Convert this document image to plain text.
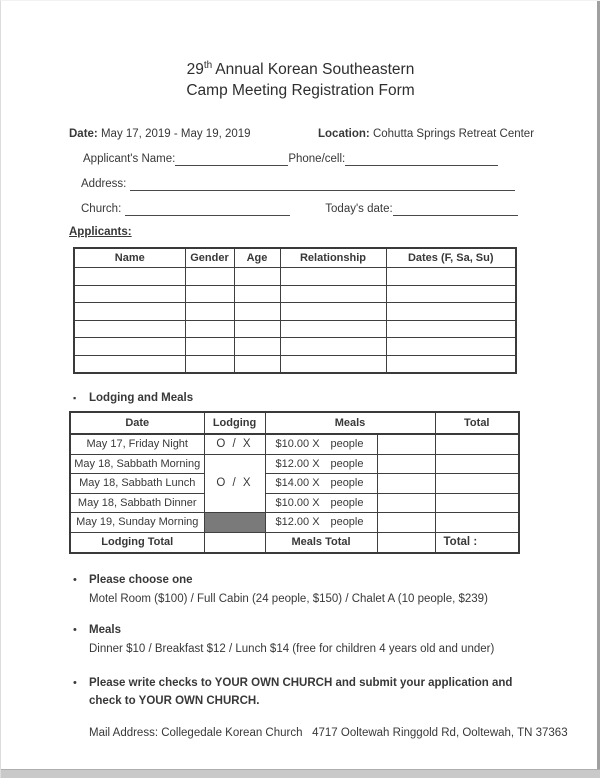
29th Annual Korean Southeastern
Camp Meeting Registration Form
Date: May 17, 2019 - May 19, 2019	Location: Cohutta Springs Retreat Center
Applicant's Name:	Phone/cell:
Address:
Church:	Today's date:
Applicants:
Name	Gender	Age	Relationship	Dates (F, Sa, Su)

▪	Lodging and Meals
Date	Lodging	Meals		Total
May 17, Friday Night	O / X	$10.00 X people		

May 18, Sabbath Morning	O / X	$12.00 X people		

May 18, Sabbath Lunch		$14.00 X people		

May 18, Sabbath Dinner		$10.00 X people		

May 19, Sunday Morning		$12.00 X people		

Lodging Total		Meals Total		Total :
•	Please choose one
Motel Room ($100) / Full Cabin (24 people, $150) / Chalet A (10 people, $239)
•	Meals
Dinner $10 / Breakfast $12 / Lunch $14 (free for children 4 years old and under)
•	Please write checks to YOUR OWN CHURCH and submit your application and check to YOUR OWN CHURCH.
Mail Address: Collegedale Korean Church   4717 Ooltewah Ringgold Rd, Ooltewah, TN 37363
